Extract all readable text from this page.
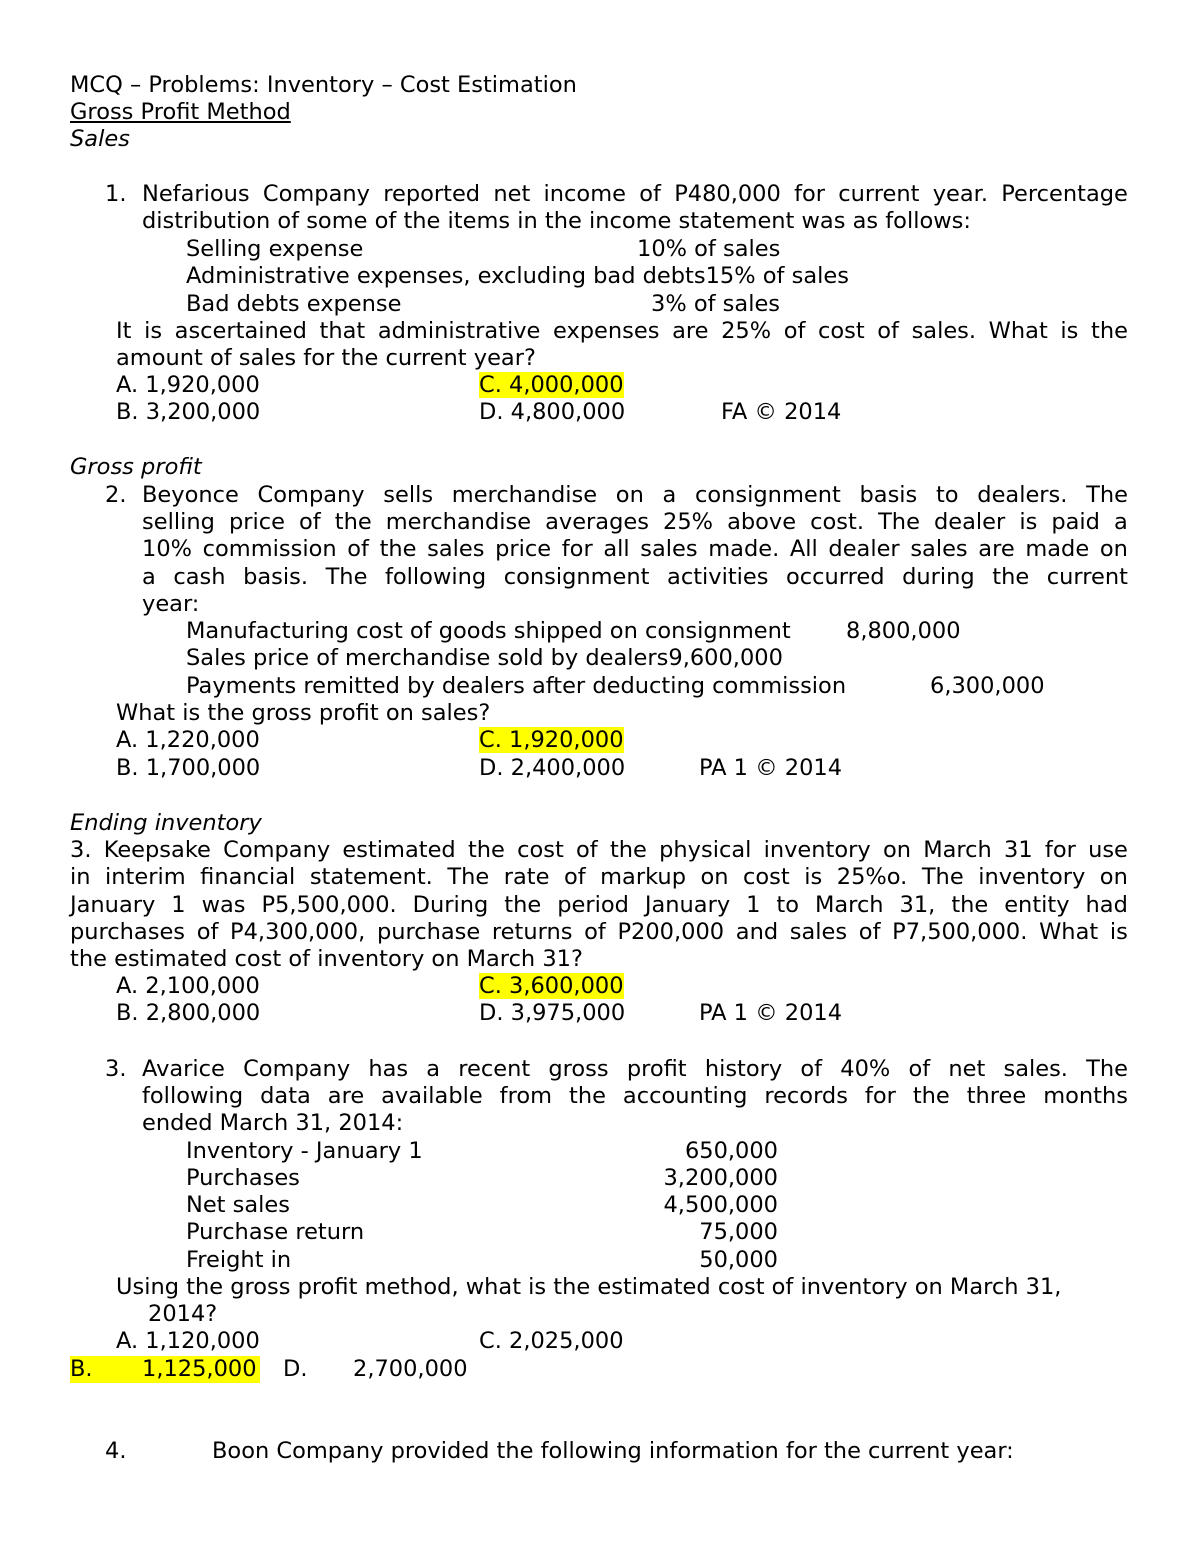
MCQ – Problems: Inventory – Cost Estimation
Gross Profit Method
Sales
1. Nefarious Company reported net income of P480,000 for current year. Percentage
distribution of some of the items in the income statement was as follows:
Selling expense	10% of sales
Administrative expenses, excluding bad debts15% of sales
Bad debts expense	3% of sales
It is ascertained that administrative expenses are 25% of cost of sales. What is the
amount of sales for the current year?
A. 1,920,000	C. 4,000,000
B. 3,200,000	D. 4,800,000	FA © 2014
Gross profit
2. Beyonce Company sells merchandise on a consignment basis to dealers. The
selling price of the merchandise averages 25% above cost. The dealer is paid a
10% commission of the sales price for all sales made. All dealer sales are made on
a cash basis. The following consignment activities occurred during the current
year:
Manufacturing cost of goods shipped on consignment 8,800,000
Sales price of merchandise sold by dealers9,600,000
Payments remitted by dealers after deducting commission	6,300,000
What is the gross profit on sales?
A. 1,220,000	C. 1,920,000
B. 1,700,000	D. 2,400,000	PA 1 © 2014
Ending inventory
3. Keepsake Company estimated the cost of the physical inventory on March 31 for use
in interim financial statement. The rate of markup on cost is 25%o. The inventory on
January 1 was P5,500,000. During the period January 1 to March 31, the entity had
purchases of P4,300,000, purchase returns of P200,000 and sales of P7,500,000. What is
the estimated cost of inventory on March 31?
A. 2,100,000	C. 3,600,000
B. 2,800,000	D. 3,975,000	PA 1 © 2014
3. Avarice Company has a recent gross profit history of 40% of net sales. The
following data are available from the accounting records for the three months
ended March 31, 2014:
Inventory - January 1	650,000
Purchases	3,200,000
Net sales	4,500,000
Purchase return	75,000
Freight in	50,000
Using the gross profit method, what is the estimated cost of inventory on March 31,
2014?
A. 1,120,000	C. 2,025,000
B. 1,125,000 D. 2,700,000
4.	Boon Company provided the following information for the current year:
